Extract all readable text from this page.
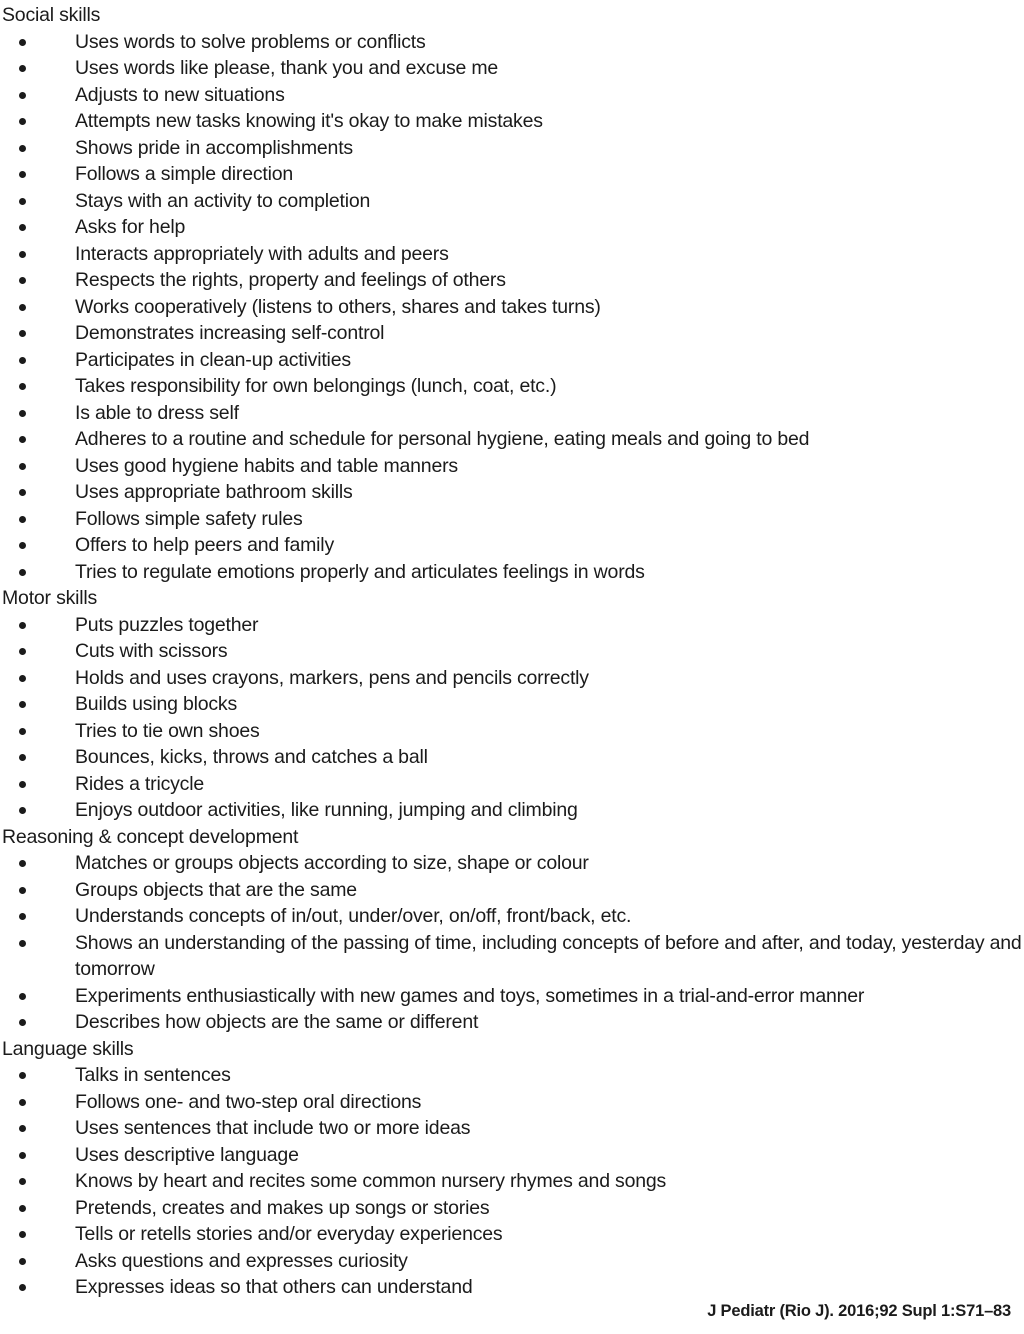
Social skills
Uses words to solve problems or conflicts
Uses words like please, thank you and excuse me
Adjusts to new situations
Attempts new tasks knowing it's okay to make mistakes
Shows pride in accomplishments
Follows a simple direction
Stays with an activity to completion
Asks for help
Interacts appropriately with adults and peers
Respects the rights, property and feelings of others
Works cooperatively (listens to others, shares and takes turns)
Demonstrates increasing self-control
Participates in clean-up activities
Takes responsibility for own belongings (lunch, coat, etc.)
Is able to dress self
Adheres to a routine and schedule for personal hygiene, eating meals and going to bed
Uses good hygiene habits and table manners
Uses appropriate bathroom skills
Follows simple safety rules
Offers to help peers and family
Tries to regulate emotions properly and articulates feelings in words
Motor skills
Puts puzzles together
Cuts with scissors
Holds and uses crayons, markers, pens and pencils correctly
Builds using blocks
Tries to tie own shoes
Bounces, kicks, throws and catches a ball
Rides a tricycle
Enjoys outdoor activities, like running, jumping and climbing
Reasoning & concept development
Matches or groups objects according to size, shape or colour
Groups objects that are the same
Understands concepts of in/out, under/over, on/off, front/back, etc.
Shows an understanding of the passing of time, including concepts of before and after, and today, yesterday and tomorrow
Experiments enthusiastically with new games and toys, sometimes in a trial-and-error manner
Describes how objects are the same or different
Language skills
Talks in sentences
Follows one- and two-step oral directions
Uses sentences that include two or more ideas
Uses descriptive language
Knows by heart and recites some common nursery rhymes and songs
Pretends, creates and makes up songs or stories
Tells or retells stories and/or everyday experiences
Asks questions and expresses curiosity
Expresses ideas so that others can understand
J Pediatr (Rio J). 2016;92 Supl 1:S71–83
